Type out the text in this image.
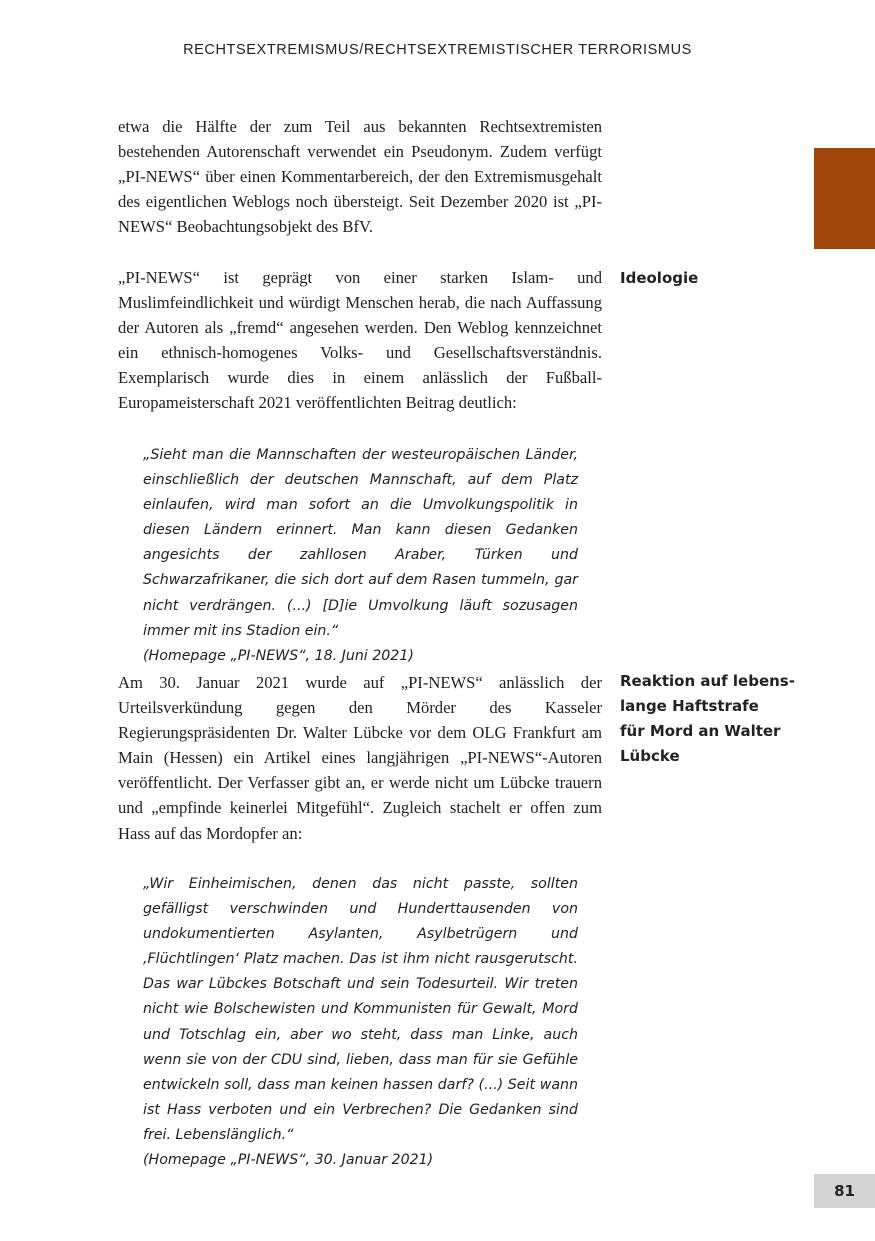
RECHTSEXTREMISMUS/RECHTSEXTREMISTISCHER TERRORISMUS

etwa die Hälfte der zum Teil aus bekannten Rechtsextremisten bestehenden Autorenschaft verwendet ein Pseudonym. Zudem verfügt „PI-NEWS“ über einen Kommentarbereich, der den Extremismusgehalt des eigentlichen Weblogs noch übersteigt. Seit Dezember 2020 ist „PI-NEWS“ Beobachtungsobjekt des BfV.

Ideologie

„PI-NEWS“ ist geprägt von einer starken Islam- und Muslimfeindlichkeit und würdigt Menschen herab, die nach Auffassung der Autoren als „fremd“ angesehen werden. Den Weblog kennzeichnet ein ethnisch-homogenes Volks- und Gesellschaftsverständnis. Exemplarisch wurde dies in einem anlässlich der Fußball-Europameisterschaft 2021 veröffentlichten Beitrag deutlich:

„Sieht man die Mannschaften der westeuropäischen Länder, einschließlich der deutschen Mannschaft, auf dem Platz einlaufen, wird man sofort an die Umvolkungspolitik in diesen Ländern erinnert. Man kann diesen Gedanken angesichts der zahllosen Araber, Türken und Schwarzafrikaner, die sich dort auf dem Rasen tummeln, gar nicht verdrängen. (...) [D]ie Umvolkung läuft sozusagen immer mit ins Stadion ein.“
(Homepage „PI-NEWS“, 18. Juni 2021)

Reaktion auf lebens-
lange Haftstrafe
für Mord an Walter
Lübcke

Am 30. Januar 2021 wurde auf „PI-NEWS“ anlässlich der Urteilsverkündung gegen den Mörder des Kasseler Regierungspräsidenten Dr. Walter Lübcke vor dem OLG Frankfurt am Main (Hessen) ein Artikel eines langjährigen „PI-NEWS“-Autoren veröffentlicht. Der Verfasser gibt an, er werde nicht um Lübcke trauern und „empfinde keinerlei Mitgefühl“. Zugleich stachelt er offen zum Hass auf das Mordopfer an:

„Wir Einheimischen, denen das nicht passte, sollten gefälligst verschwinden und Hunderttausenden von undokumentierten Asylanten, Asylbetrügern und ‚Flüchtlingen‘ Platz machen. Das ist ihm nicht rausgerutscht. Das war Lübckes Botschaft und sein Todesurteil. Wir treten nicht wie Bolschewisten und Kommunisten für Gewalt, Mord und Totschlag ein, aber wo steht, dass man Linke, auch wenn sie von der CDU sind, lieben, dass man für sie Gefühle entwickeln soll, dass man keinen hassen darf? (...) Seit wann ist Hass verboten und ein Verbrechen? Die Gedanken sind frei. Lebenslänglich.“
(Homepage „PI-NEWS“, 30. Januar 2021)
81
